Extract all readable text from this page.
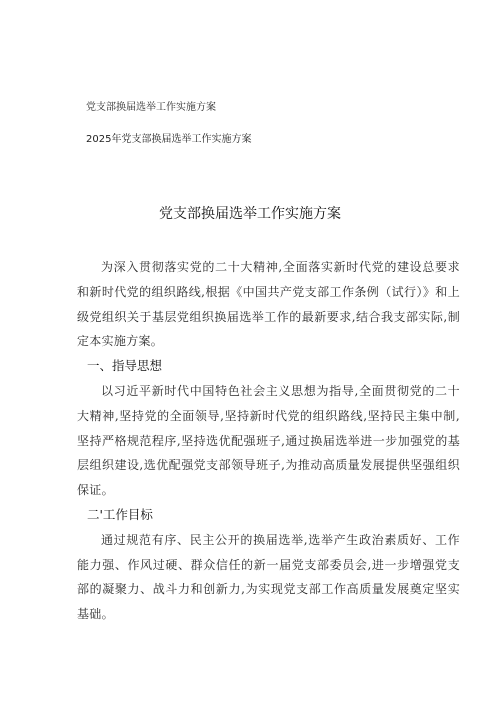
党支部换届选举工作实施方案
2025年党支部换届选举工作实施方案
党支部换届选举工作实施方案

为深入贯彻落实党的二十大精神,全面落实新时代党的建设总要求和新时代党的组织路线,根据《中国共产党支部工作条例（试行）》和上级党组织关于基层党组织换届选举工作的最新要求,结合我支部实际,制定本实施方案。

一、指导思想

以习近平新时代中国特色社会主义思想为指导,全面贯彻党的二十大精神,坚持党的全面领导,坚持新时代党的组织路线,坚持民主集中制,坚持严格规范程序,坚持选优配强班子,通过换届选举进一步加强党的基层组织建设,选优配强党支部领导班子,为推动高质量发展提供坚强组织保证。

二'工作目标

通过规范有序、民主公开的换届选举,选举产生政治素质好、工作能力强、作风过硬、群众信任的新一届党支部委员会,进一步增强党支部的凝聚力、战斗力和创新力,为实现党支部工作高质量发展奠定坚实基础。
